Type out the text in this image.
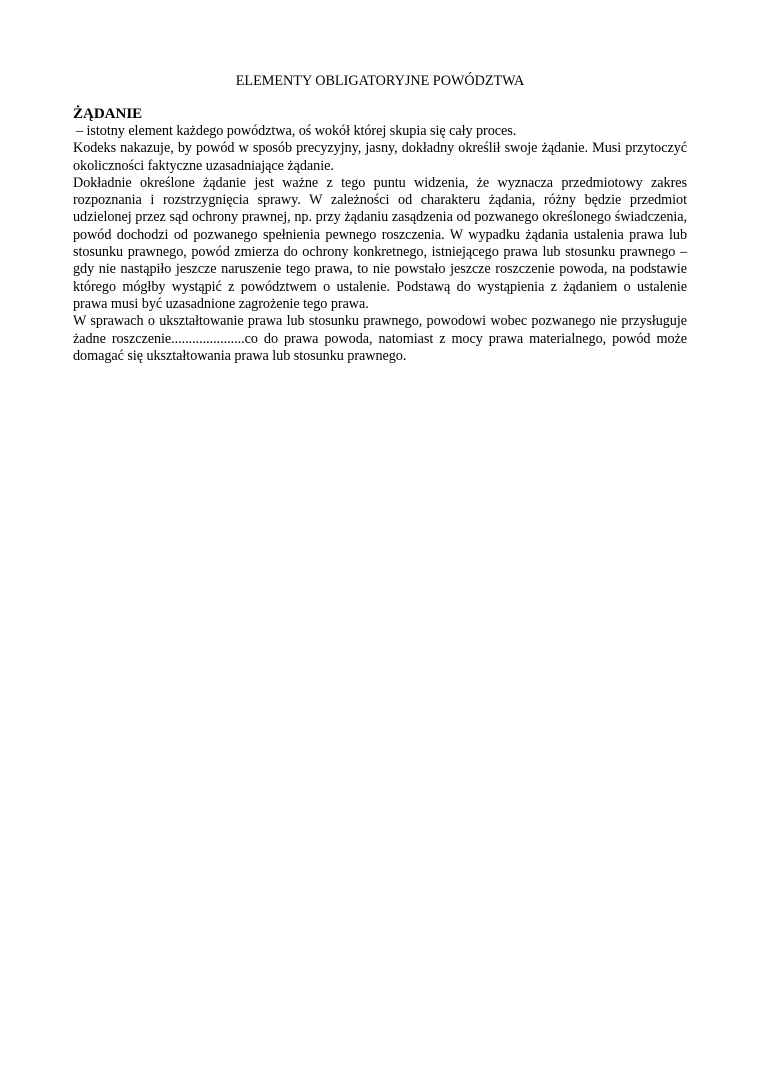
ELEMENTY OBLIGATORYJNE POWÓDZTWA

ŻĄDANIE

– istotny element każdego powództwa, oś wokół której skupia się cały proces.

Kodeks nakazuje, by powód w sposób precyzyjny, jasny, dokładny określił swoje żądanie. Musi przytoczyć okoliczności faktyczne uzasadniające żądanie.

Dokładnie określone żądanie jest ważne z tego puntu widzenia, że wyznacza przedmiotowy zakres rozpoznania i rozstrzygnięcia sprawy. W zależności od charakteru żądania, różny będzie przedmiot udzielonej przez sąd ochrony prawnej, np. przy żądaniu zasądzenia od pozwanego określonego świadczenia, powód dochodzi od pozwanego spełnienia pewnego roszczenia. W wypadku żądania ustalenia prawa lub stosunku prawnego, powód zmierza do ochrony konkretnego, istniejącego prawa lub stosunku prawnego – gdy nie nastąpiło jeszcze naruszenie tego prawa, to nie powstało jeszcze roszczenie powoda, na podstawie którego mógłby wystąpić z powództwem o ustalenie. Podstawą do wystąpienia z żądaniem o ustalenie prawa musi być uzasadnione zagrożenie tego prawa.

W sprawach o ukształtowanie prawa lub stosunku prawnego, powodowi wobec pozwanego nie przysługuje żadne roszczenie.....................co do prawa powoda, natomiast z mocy prawa materialnego, powód może domagać się ukształtowania prawa lub stosunku prawnego.
